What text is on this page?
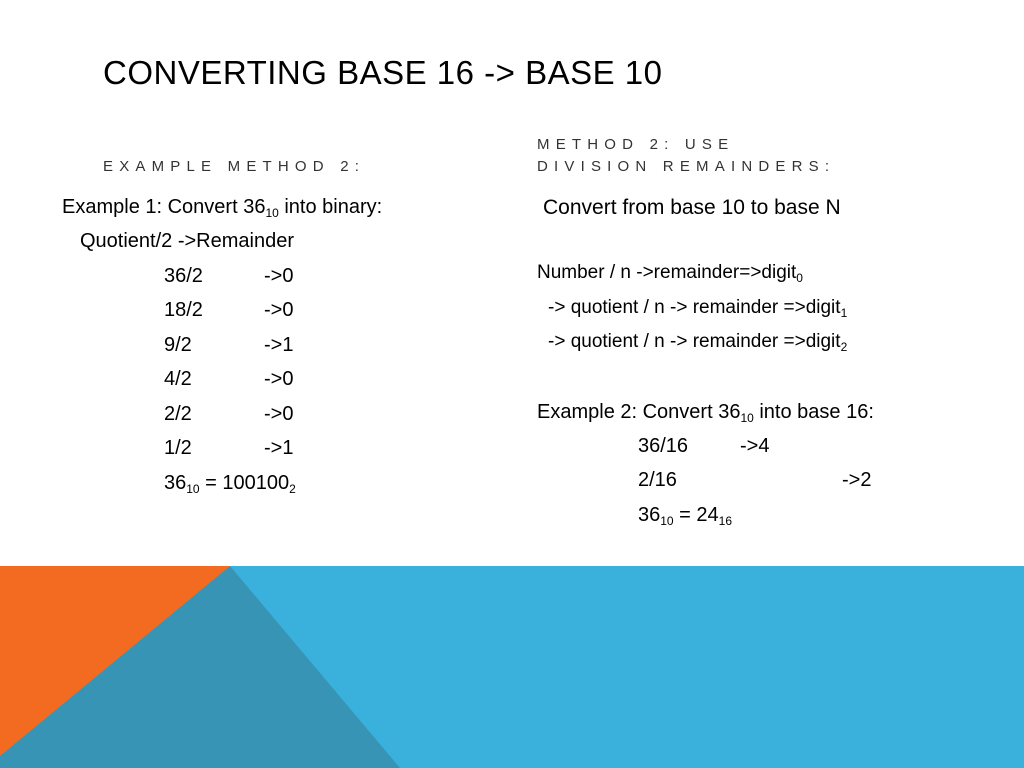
CONVERTING BASE 16 -> BASE 10
EXAMPLE METHOD 2:
METHOD 2: USE
DIVISION REMAINDERS:
Example 1: Convert $36_{10}$ into binary:
Quotient/2 ->Remainder
36/2	->0
18/2	->0
9/2	->1
4/2	->0
2/2	->0
1/2	->1
$36_{10} = 100100_2$
Convert from base 10 to base N
Number / n ->remainder=>digit$_0$
-> quotient / n -> remainder =>digit$_1$
-> quotient / n -> remainder =>digit$_2$
Example 2: Convert $36_{10}$ into base 16:
36/16	->4
2/16	->2
$36_{10} = 24_{16}$
